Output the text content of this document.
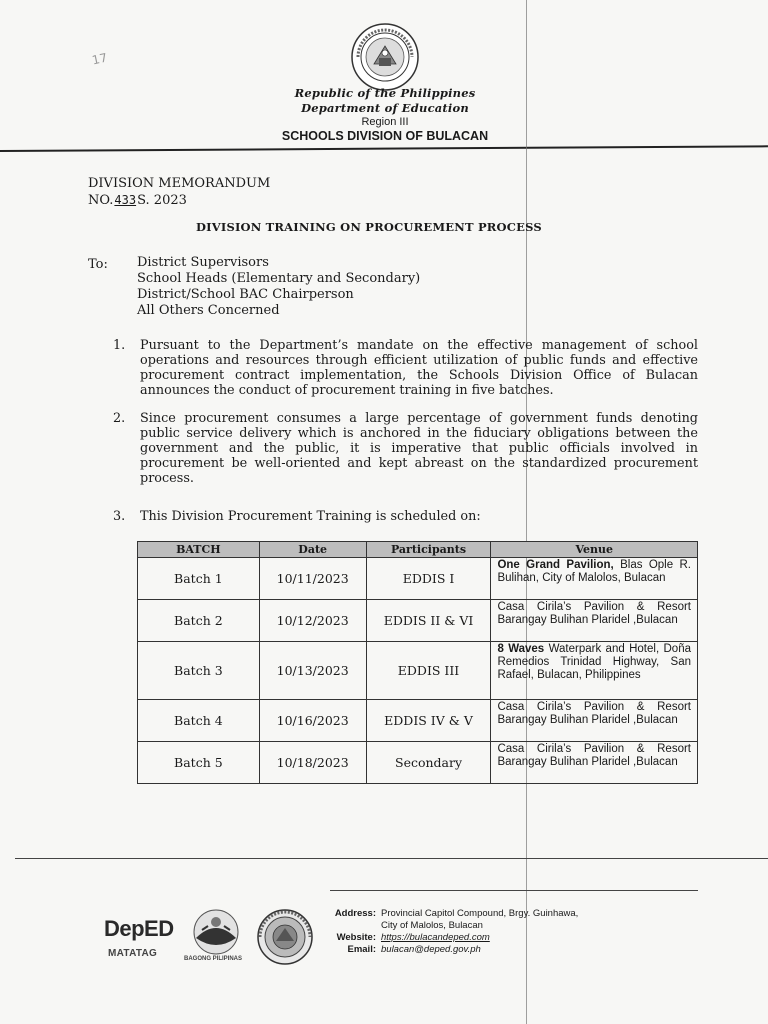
17
Republic of the Philippines
Department of Education
Region III
SCHOOLS DIVISION OF BULACAN
DIVISION MEMORANDUM
NO. 433 S. 2023
DIVISION TRAINING ON PROCUREMENT PROCESS
To: District Supervisors
School Heads (Elementary and Secondary)
District/School BAC Chairperson
All Others Concerned
1.	Pursuant to the Department’s mandate on the effective management of school operations and resources through efficient utilization of public funds and effective procurement contract implementation, the Schools Division Office of Bulacan announces the conduct of procurement training in five batches.
2.	Since procurement consumes a large percentage of government funds denoting public service delivery which is anchored in the fiduciary obligations between the government and the public, it is imperative that public officials involved in procurement be well-oriented and kept abreast on the standardized procurement process.
3.	This Division Procurement Training is scheduled on:
BATCH	Date	Participants	Venue
Batch 1	10/11/2023	EDDIS I	One Grand Pavilion, Blas Ople R. Bulihan, City of Malolos, Bulacan
Batch 2	10/12/2023	EDDIS II & VI	Casa Cirila’s Pavilion & Resort Barangay Bulihan Plaridel ,Bulacan
Batch 3	10/13/2023	EDDIS III	8 Waves Waterpark and Hotel, Doña Remedios Trinidad Highway, San Rafael, Bulacan, Philippines
Batch 4	10/16/2023	EDDIS IV & V	Casa Cirila’s Pavilion & Resort Barangay Bulihan Plaridel ,Bulacan
Batch 5	10/18/2023	Secondary	Casa Cirila’s Pavilion & Resort Barangay Bulihan Plaridel ,Bulacan
DepED
MATATAG	BAGONG PILIPINAS
Address: Provincial Capitol Compound, Brgy. Guinhawa,
City of Malolos, Bulacan
Website: https://bulacandeped.com
Email: bulacan@deped.gov.ph
